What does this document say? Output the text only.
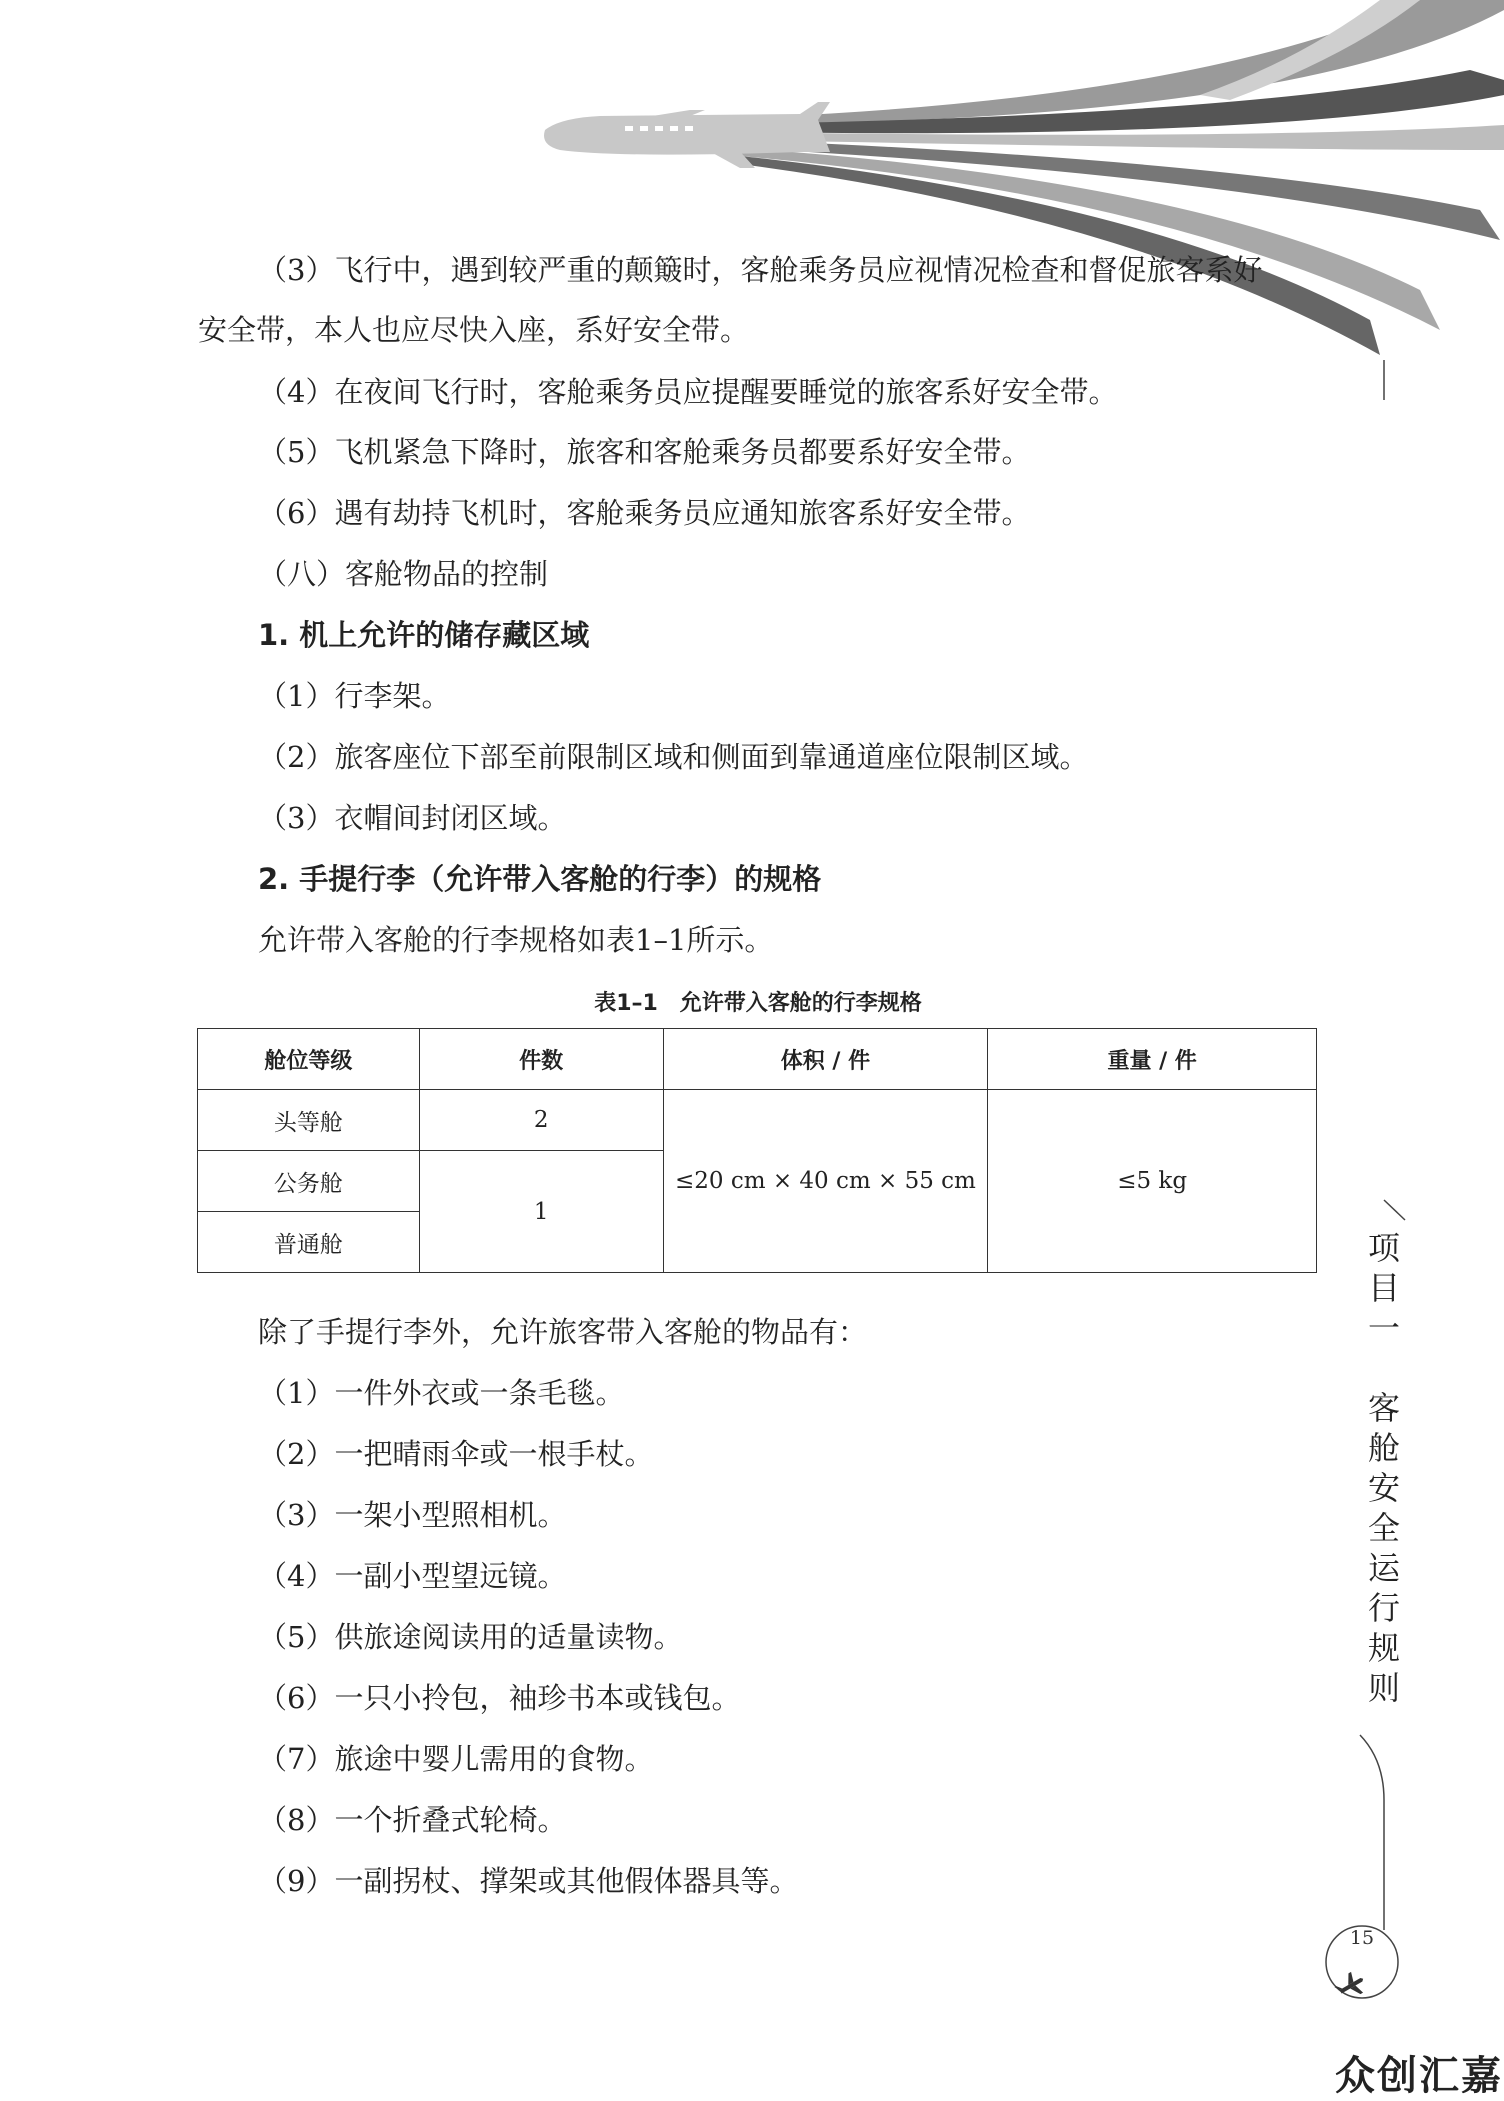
（3）飞行中，遇到较严重的颠簸时，客舱乘务员应视情况检查和督促旅客系好
安全带，本人也应尽快入座，系好安全带。
（4）在夜间飞行时，客舱乘务员应提醒要睡觉的旅客系好安全带。
（5）飞机紧急下降时，旅客和客舱乘务员都要系好安全带。
（6）遇有劫持飞机时，客舱乘务员应通知旅客系好安全带。
（八）客舱物品的控制
1. 机上允许的储存藏区域
（1）行李架。
（2）旅客座位下部至前限制区域和侧面到靠通道座位限制区域。
（3）衣帽间封闭区域。
2. 手提行李（允许带入客舱的行李）的规格
允许带入客舱的行李规格如表1–1所示。
表1–1　允许带入客舱的行李规格
舱位等级	件数	体积 / 件	重量 / 件
头等舱	2	≤20 cm × 40 cm × 55 cm	≤5 kg
公务舱	1		
普通舱			
除了手提行李外，允许旅客带入客舱的物品有：
（1）一件外衣或一条毛毯。
（2）一把晴雨伞或一根手杖。
（3）一架小型照相机。
（4）一副小型望远镜。
（5）供旅途阅读用的适量读物。
（6）一只小拎包，袖珍书本或钱包。
（7）旅途中婴儿需用的食物。
（8）一个折叠式轮椅。
（9）一副拐杖、撑架或其他假体器具等。
项
目
一
客
舱
安
全
运
行
规
则
15
众创汇嘉
